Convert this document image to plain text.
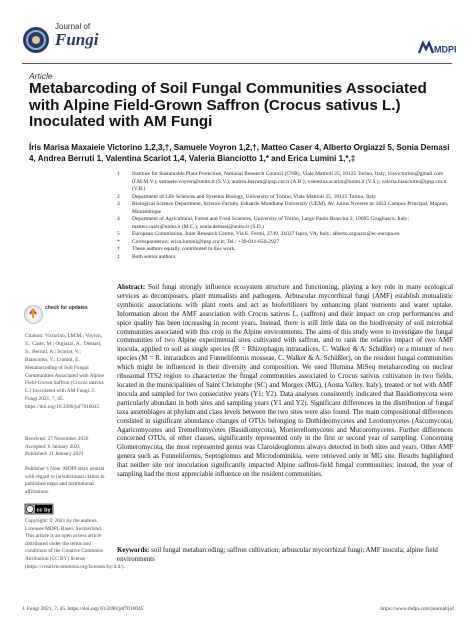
Journal of
Fungi
MDPI
Article
Metabarcoding of Soil Fungal Communities Associated with Alpine Field-Grown Saffron (Crocus sativus L.) Inoculated with AM Fungi
Íris Marisa Maxaieie Victorino 1,2,3,†, Samuele Voyron 1,2,†, Matteo Caser 4, Alberto Orgiazzi 5, Sonia Demasi 4, Andrea Berruti 1, Valentina Scariot 1,4, Valeria Bianciotto 1,* and Erica Lumini 1,*,‡
1	Institute for Sustainable Plant Protection, National Research Council (CNR), Viale Mattioli 25, 10125 Torino, Italy; irisvictorino@gmail.com (Í.M.M.V.); samuele.voyron@unito.it (S.V.); andrea.berruti@ipsp.cnr.it (A.B.); valentina.scariot@unito.it (V.S.); valeria.bianciotto@ipsp.cnr.it (V.B.)
2	Department of Life Sciences and Systems Biology, University of Torino, Viale Mattioli 25, 10125 Torino, Italy
3	Biological Science Department, Science Faculty, Eduardo Mondlane University (UEM), Av. Julius Nyerere nr 3453 Campus Principal, Maputo, Mozambique
4	Department of Agricultural, Forest and Food Sciences, University of Torino, Largo Paolo Braccini 2, 10095 Grugliasco, Italy; matteo.caser@unito.it (M.C.); sonia.demasi@unito.it (S.D.)
5	European Commission, Joint Research Centre, Via E. Fermi, 2749, 21027 Ispra, VA, Italy; alberto.orgiazzi@ec.europa.eu
*	Correspondence: erica.lumini@ipsp.cnr.it; Tel.: +39-011-650-2927
†	These authors equally contributed to this work.
‡	Both senior authors.
Abstract: Soil fungi strongly influence ecosystem structure and functioning, playing a key role in many ecological services as decomposers, plant mutualists and pathogens. Arbuscular mycorrhizal fungi (AMF) establish mutualistic symbiotic associations with plant roots and act as biofertilizers by enhancing plant nutrients and water uptake. Information about the AMF association with Crocus sativus L. (saffron) and their impact on crop performances and spice quality has been increasing in recent years. Instead, there is still little data on the biodiversity of soil microbial communities associated with this crop in the Alpine environments. The aims of this study were to investigate the fungal communities of two Alpine experimental sites cultivated with saffron, and to rank the relative impact of two AMF inocula, applied to soil as single species (R = Rhizophagus intraradices, C. Walker & A. Schüßler) or a mixture of two species (M = R. intraradices and Funneliformis mosseae, C. Walker & A. Schüßler), on the resident fungal communities which might be influenced in their diversity and composition. We used Illumina MiSeq metabarcoding on nuclear ribosomal ITS2 region to characterize the fungal communities associated to Crocus sativus cultivation in two fields, located in the municipalities of Saint Christophe (SC) and Morgex (MG), (Aosta Valley, Italy), treated or not with AMF inocula and sampled for two consecutive years (Y1; Y2). Data analyses consistently indicated that Basidiomycota were particularly abundant in both sites and sampling years (Y1 and Y2). Significant differences in the distribution of fungal taxa assemblages at phylum and class levels between the two sites were also found. The main compositional differences consisted in significant abundance changes of OTUs belonging to Dothideomycetes and Leotiomycetes (Ascomycota), Agaricomycetes and Tremellomycetes (Basidiomycota), Mortierellomycetes and Mucoromycetes. Further differences concerned OTUs, of other classes, significantly represented only in the first or second year of sampling. Concerning Glomeromycota, the most represented genus was Claroideoglomus always detected in both sites and years. Other AMF genera such as Funneliformis, Septoglomus and Microdominikia, were retrieved only in MG site. Results highlighted that neither site nor inoculation significantly impacted Alpine saffron-field fungal communities; instead, the year of sampling had the most appreciable influence on the resident communities.
Keywords: soil fungal metabarcoding; saffron cultivation; arbuscular mycorrhizal fungi; AMF inocula; alpine field environments
check for updates
Citation: Victorino, Í.M.M.; Voyron, S.; Caser, M.; Orgiazzi, A.; Demasi, S.; Berruti, A.; Scariot, V.; Bianciotto, V.; Lumini, E. Metabarcoding of Soil Fungal Communities Associated with Alpine Field-Grown Saffron (Crocus sativus L.) Inoculated with AM Fungi. J. Fungi 2021, 7, 45. https://doi.org/10.3390/jof7010045
Received: 27 November 2020
Accepted: 6 January 2021
Published: 11 January 2021
Publisher’s Note: MDPI stays neutral with regard to jurisdictional claims in published maps and institutional affiliations.
cc by
Copyright: © 2021 by the authors. Licensee MDPI, Basel, Switzerland. This article is an open access article distributed under the terms and conditions of the Creative Commons Attribution (CC BY) license (https://creativecommons.org/licenses/by/4.0/).
J. Fungi 2021, 7, 45. https://doi.org/10.3390/jof7010045	https://www.mdpi.com/journal/jof
